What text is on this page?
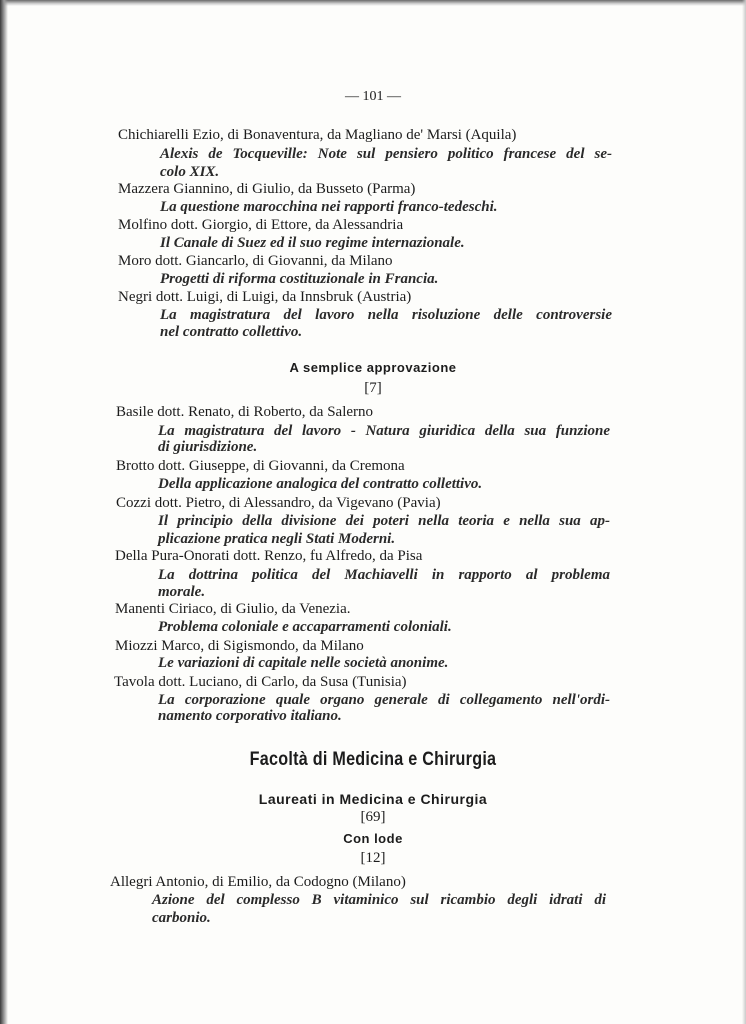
— 101 —
Chichiarelli Ezio, di Bonaventura, da Magliano de' Marsi (Aquila)
Alexis de Tocqueville: Note sul pensiero politico francese del se-
colo XIX.
Mazzera Giannino, di Giulio, da Busseto (Parma)
La questione marocchina nei rapporti franco-tedeschi.
Molfino dott. Giorgio, di Ettore, da Alessandria
Il Canale di Suez ed il suo regime internazionale.
Moro dott. Giancarlo, di Giovanni, da Milano
Progetti di riforma costituzionale in Francia.
Negri dott. Luigi, di Luigi, da Innsbruk (Austria)
La magistratura del lavoro nella risoluzione delle controversie
nel contratto collettivo.
A semplice approvazione
[7]
Basile dott. Renato, di Roberto, da Salerno
La magistratura del lavoro - Natura giuridica della sua funzione
di giurisdizione.
Brotto dott. Giuseppe, di Giovanni, da Cremona
Della applicazione analogica del contratto collettivo.
Cozzi dott. Pietro, di Alessandro, da Vigevano (Pavia)
Il principio della divisione dei poteri nella teoria e nella sua ap-
plicazione pratica negli Stati Moderni.
Della Pura-Onorati dott. Renzo, fu Alfredo, da Pisa
La dottrina politica del Machiavelli in rapporto al problema
morale.
Manenti Ciriaco, di Giulio, da Venezia.
Problema coloniale e accaparramenti coloniali.
Miozzi Marco, di Sigismondo, da Milano
Le variazioni di capitale nelle società anonime.
Tavola dott. Luciano, di Carlo, da Susa (Tunisia)
La corporazione quale organo generale di collegamento nell'ordi-
namento corporativo italiano.
Facoltà di Medicina e Chirurgia
Laureati in Medicina e Chirurgia
[69]
Con lode
[12]
Allegri Antonio, di Emilio, da Codogno (Milano)
Azione del complesso B vitaminico sul ricambio degli idrati di
carbonio.
